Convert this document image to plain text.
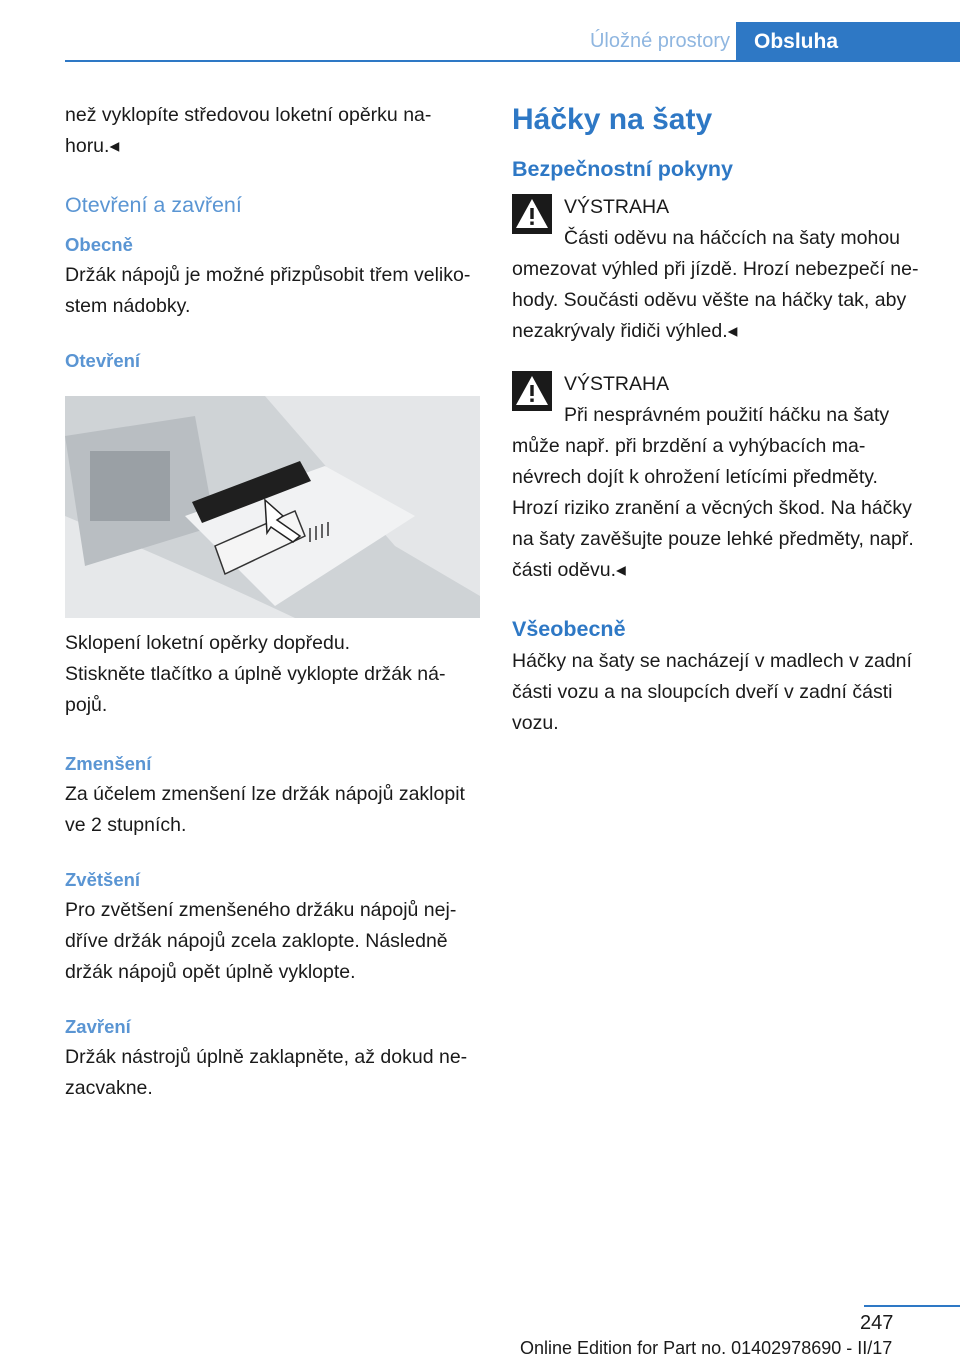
Úložné prostory	Obsluha

než vyklopíte středovou loketní opěrku na-horu.◂

Otevření a zavření
Obecně

Držák nápojů je možné přizpůsobit třem veliko-stem nádobky.

Otevření

Sklopení loketní opěrky dopředu.

Stiskněte tlačítko a úplně vyklopte držák ná-pojů.

Zmenšení

Za účelem zmenšení lze držák nápojů zaklopit ve 2 stupních.

Zvětšení

Pro zvětšení zmenšeného držáku nápojů nej-dříve držák nápojů zcela zaklopte. Následně držák nápojů opět úplně vyklopte.

Zavření

Držák nástrojů úplně zaklapněte, až dokud ne-zacvakne.

Háčky na šaty
Bezpečnostní pokyny

VÝSTRAHA

Části oděvu na háčcích na šaty mohou omezovat výhled při jízdě. Hrozí nebezpečí ne-hody. Součásti oděvu věšte na háčky tak, aby nezakrývaly řidiči výhled.◂

VÝSTRAHA

Při nesprávném použití háčku na šaty může např. při brzdění a vyhýbacích ma-névrech dojít k ohrožení letícími předměty. Hrozí riziko zranění a věcných škod. Na háčky na šaty zavěšujte pouze lehké předměty, např. části oděvu.◂

Všeobecně

Háčky na šaty se nacházejí v madlech v zadní části vozu a na sloupcích dveří v zadní části vozu.

247
Online Edition for Part no. 01402978690 - II/17
